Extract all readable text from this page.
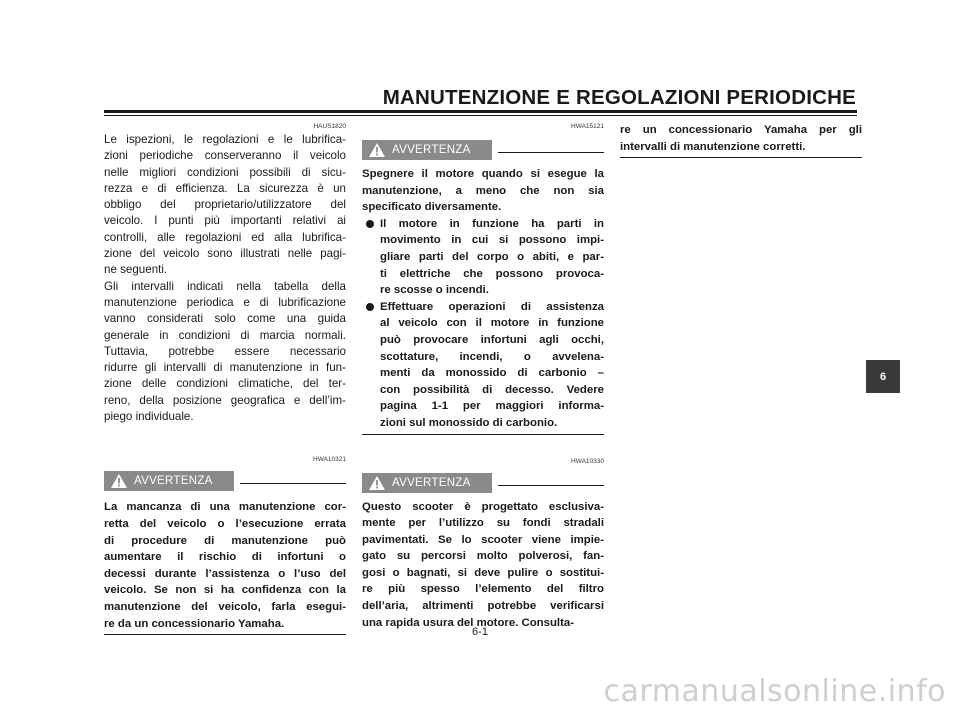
MANUTENZIONE E REGOLAZIONI PERIODICHE
HAUS1820
Le ispezioni, le regolazioni e le lubrifica-
zioni periodiche conserveranno il veicolo
nelle migliori condizioni possibili di sicu-
rezza e di efficienza. La sicurezza è un
obbligo del proprietario/utilizzatore del
veicolo. I punti più importanti relativi ai
controlli, alle regolazioni ed alla lubrifica-
zione del veicolo sono illustrati nelle pagi-
ne seguenti.
Gli intervalli indicati nella tabella della
manutenzione periodica e di lubrificazione
vanno considerati solo come una guida
generale in condizioni di marcia normali.
Tuttavia, potrebbe essere necessario
ridurre gli intervalli di manutenzione in fun-
zione delle condizioni climatiche, del ter-
reno, della posizione geografica e dell’im-
piego individuale.
HWA10321
AVVERTENZA
La mancanza di una manutenzione cor-
retta del veicolo o l’esecuzione errata
di procedure di manutenzione può
aumentare il rischio di infortuni o
decessi durante l’assistenza o l’uso del
veicolo. Se non si ha confidenza con la
manutenzione del veicolo, farla esegui-
re da un concessionario Yamaha.
HWA15121
AVVERTENZA
Spegnere il motore quando si esegue la
manutenzione, a meno che non sia
specificato diversamente.
Il motore in funzione ha parti in
movimento in cui si possono impi-
gliare parti del corpo o abiti, e par-
ti elettriche che possono provoca-
re scosse o incendi.
Effettuare operazioni di assistenza
al veicolo con il motore in funzione
può provocare infortuni agli occhi,
scottature, incendi, o avvelena-
menti da monossido di carbonio –
con possibilità di decesso. Vedere
pagina 1-1 per maggiori informa-
zioni sul monossido di carbonio.
HWA10330
AVVERTENZA
Questo scooter è progettato esclusiva-
mente per l’utilizzo su fondi stradali
pavimentati. Se lo scooter viene impie-
gato su percorsi molto polverosi, fan-
gosi o bagnati, si deve pulire o sostitui-
re più spesso l’elemento del filtro
dell’aria, altrimenti potrebbe verificarsi
una rapida usura del motore. Consulta-
re un concessionario Yamaha per gli
intervalli di manutenzione corretti.
6
6-1
carmanualsonline.info
